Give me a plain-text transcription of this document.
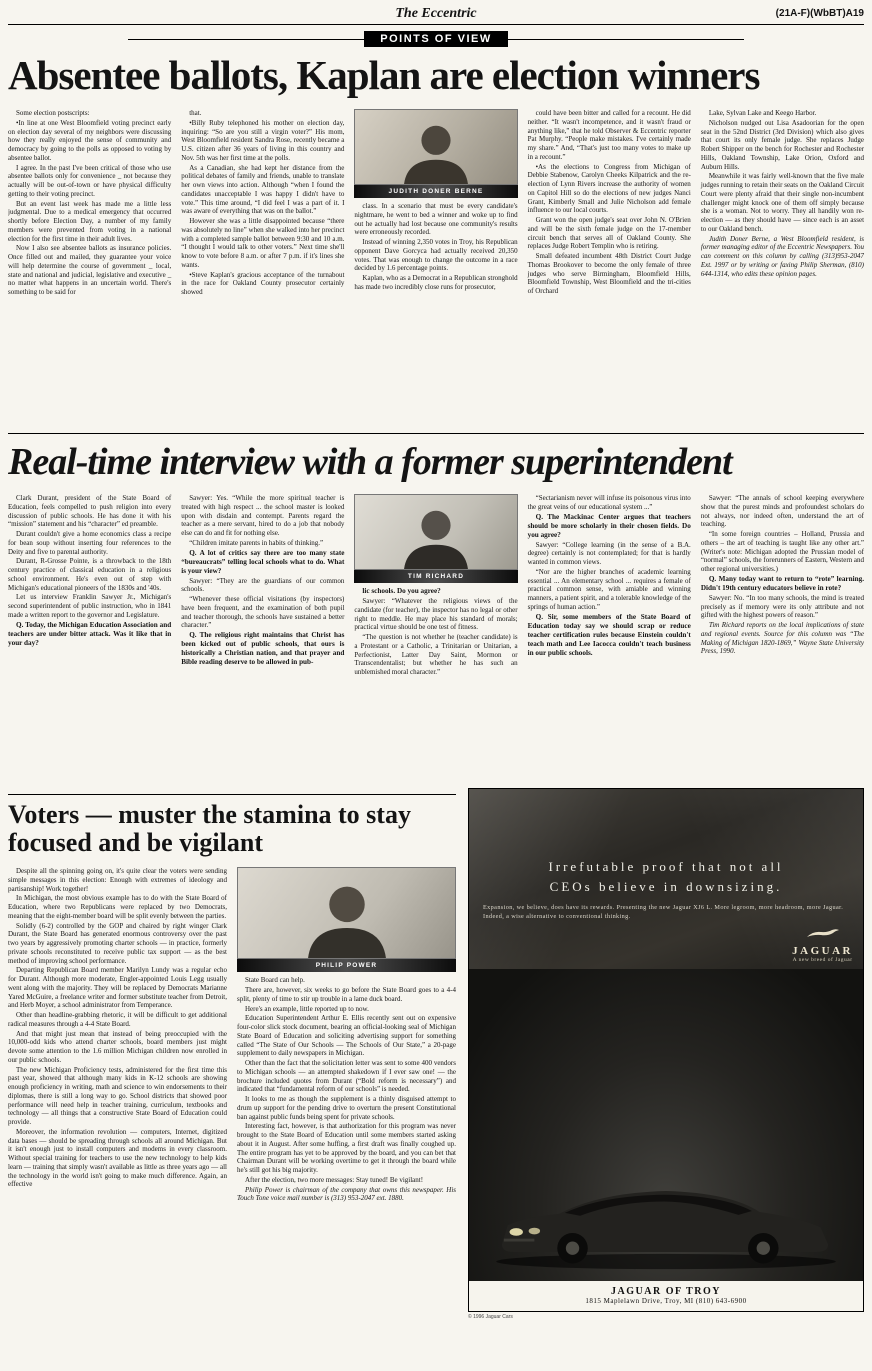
The Eccentric	(21A-F)(WbBT)A19
POINTS OF VIEW
Absentee ballots, Kaplan are election winners

Some election postscripts:

•In line at one West Bloomfield voting precinct early on election day several of my neighbors were discussing how they really enjoyed the sense of community and democracy by going to the polls as opposed to voting by absentee ballot.

I agree. In the past I've been critical of those who use absentee ballots only for convenience _ not because they actually will be out-of-town or have physical difficulty getting to their voting precinct.

But an event last week has made me a little less judgmental. Due to a medical emergency that occurred shortly before Election Day, a number of my family members were prevented from voting in a national election for the first time in their adult lives.

Now I also see absentee ballots as insurance policies. Once filled out and mailed, they guarantee your voice will help determine the course of government _ local, state and national and judicial, legislative and executive _ no matter what happens in an uncertain world. There's something to be said for

that.

•Billy Ruby telephoned his mother on election day, inquiring: “So are you still a virgin voter?” His mom, West Bloomfield resident Sandra Rose, recently became a U.S. citizen after 36 years of living in this country and Nov. 5th was her first time at the polls.

As a Canadian, she had kept her distance from the political debates of family and friends, unable to translate her own views into action. Although “when I found the candidates unacceptable I was happy I didn't have to vote.” This time around, “I did feel I was a part of it. I was aware of everything that was on the ballot.”

However she was a little disappointed because “there was absolutely no line” when she walked into her precinct with a completed sample ballot between 9:30 and 10 a.m. “I thought I would talk to other voters.” Next time she'll know to vote before 8 a.m. or after 7 p.m. if it's lines she wants.

•Steve Kaplan's gracious acceptance of the turnabout in the race for Oakland County prosecutor certainly showed

JUDITH DONER BERNE

class. In a scenario that must be every candidate's nightmare, he went to bed a winner and woke up to find out he actually had lost because one community's results were erroneously recorded.

Instead of winning 2,350 votes in Troy, his Republican opponent Dave Gorcyca had actually received 20,350 votes. That was enough to change the outcome in a race decided by 1.6 percentage points.

Kaplan, who as a Democrat in a Republican stronghold has made two incredibly close runs for prosecutor,

could have been bitter and called for a recount. He did neither. “It wasn't incompetence, and it wasn't fraud or anything like,” that he told Observer & Eccentric reporter Pat Murphy. “People make mistakes. I've certainly made my share.” And, “That's just too many votes to make up in a recount.”

•As the elections to Congress from Michigan of Debbie Stabenow, Carolyn Cheeks Kilpatrick and the re-election of Lynn Rivers increase the authority of women on Capitol Hill so do the elections of new judges Nanci Grant, Kimberly Small and Julie Nicholson add female influence to our local courts.

Grant won the open judge's seat over John N. O'Brien and will be the sixth female judge on the 17-member circuit bench that serves all of Oakland County. She replaces Judge Robert Templin who is retiring.

Small defeated incumbent 48th District Court Judge Thomas Brookover to become the only female of three judges who serve Birmingham, Bloomfield Hills, Bloomfield Township, West Bloomfield and the tri-cities of Orchard

Lake, Sylvan Lake and Keego Harbor.

Nicholson nudged out Lisa Asadoorian for the open seat in the 52nd District (3rd Division) which also gives that court its only female judge. She replaces Judge Robert Shipper on the bench for Rochester and Rochester Hills, Oakland Township, Lake Orion, Oxford and Auburn Hills.

Meanwhile it was fairly well-known that the five male judges running to retain their seats on the Oakland Circuit Court were plenty afraid that their single non-incumbent challenger might knock one of them off simply because she is a woman. Not to worry. They all handily won re-election — as they should have — since each is an asset to our Oakland bench.

Judith Doner Berne, a West Bloomfield resident, is former managing editor of the Eccentric Newspapers. You can comment on this column by calling (313)953-2047 Ext. 1997 or by writing or faxing Philip Sherman, (810) 644-1314, who edits these opinion pages.

Real-time interview with a former superintendent

Clark Durant, president of the State Board of Education, feels compelled to push religion into every discussion of public schools. He has done it with his “mission” statement and his “character” ed preamble.

Durant couldn't give a home economics class a recipe for bean soup without inserting four references to the Deity and five to parental authority.

Durant, R-Grosse Pointe, is a throwback to the 18th century practice of classical education in a religious school environment. He's even out of step with Michigan's educational pioneers of the 1830s and '40s.

Let us interview Franklin Sawyer Jr., Michigan's second superintendent of public instruction, who in 1841 made a written report to the governor and Legislature.

Q. Today, the Michigan Education Association and teachers are under bitter attack. Was it like that in your day?

Sawyer: Yes. “While the more spiritual teacher is treated with high respect ... the school master is looked upon with disdain and contempt. Parents regard the teacher as a mere servant, hired to do a job that nobody else can do and fit for nothing else.

“Children imitate parents in habits of thinking.”

Q. A lot of critics say there are too many state “bureaucrats” telling local schools what to do. What is your view?

Sawyer: “They are the guardians of our common schools.

“Whenever these official visitations (by inspectors) have been frequent, and the examination of both pupil and teacher thorough, the schools have sustained a better character.”

Q. The religious right maintains that Christ has been kicked out of public schools, that ours is historically a Christian nation, and that prayer and Bible reading deserve to be allowed in pub-

TIM RICHARD

lic schools. Do you agree?

Sawyer: “Whatever the religious views of the candidate (for teacher), the inspector has no legal or other right to meddle. He may place his standard of morals; practical virtue should be one test of fitness.

“The question is not whether he (teacher candidate) is a Protestant or a Catholic, a Trinitarian or Unitarian, a Perfectionist, Latter Day Saint, Mormon or Transcendentalist; but whether he has such an unblemished moral character.”

“Sectarianism never will infuse its poisonous virus into the great veins of our educational system ...”

Q. The Mackinac Center argues that teachers should be more scholarly in their chosen fields. Do you agree?

Sawyer: “College learning (in the sense of a B.A. degree) certainly is not contemplated; for that is hardly wanted in common views.

“Nor are the higher branches of academic learning essential ... An elementary school ... requires a female of practical common sense, with amiable and winning manners, a patient spirit, and a tolerable knowledge of the springs of human action.”

Q. Sir, some members of the State Board of Education today say we should scrap or reduce teacher certification rules because Einstein couldn't teach math and Lee Iacocca couldn't teach business in our public schools.

Sawyer: “The annals of school keeping everywhere show that the purest minds and profoundest scholars do not always, nor indeed often, understand the art of teaching.

“In some foreign countries – Holland, Prussia and others – the art of teaching is taught like any other art.” (Writer's note: Michigan adopted the Prussian model of “normal” schools, the forerunners of Eastern, Western and other regional universities.)

Q. Many today want to return to “rote” learning. Didn't 19th century educators believe in rote?

Sawyer: No. “In too many schools, the mind is treated precisely as if memory were its only attribute and not gifted with the highest powers of reason.”

Tim Richard reports on the local implications of state and regional events. Source for this column was “The Making of Michigan 1820-1869,” Wayne State University Press, 1990.

Voters — muster the stamina to stay focused and be vigilant

Despite all the spinning going on, it's quite clear the voters were sending simple messages in this election: Enough with extremes of ideology and partisanship! Work together!

In Michigan, the most obvious example has to do with the State Board of Education, where two Republicans were replaced by two Democrats, meaning that the eight-member board will be split evenly between the parties.

Solidly (6-2) controlled by the GOP and chaired by right winger Clark Durant, the State Board has generated enormous controversy over the past two years by aggressively promoting charter schools — in practice, formerly private schools reconstituted to receive public tax support — as the best method of improving school performance.

Departing Republican Board member Marilyn Lundy was a regular echo for Durant. Although more moderate, Engler-appointed Louis Legg usually went along with the majority. They will be replaced by Democrats Marianne Yared McGuire, a freelance writer and former substitute teacher from Detroit, and Herb Moyer, a school administrator from Temperance.

Other than headline-grabbing rhetoric, it will be difficult to get additional radical measures through a 4-4 State Board.

And that might just mean that instead of being preoccupied with the 10,000-odd kids who attend charter schools, board members just might devote some attention to the 1.6 million Michigan children now enrolled in our public schools.

The new Michigan Proficiency tests, administered for the first time this past year, showed that although many kids in K-12 schools are showing enough proficiency in writing, math and science to win endorsements to their diplomas, there is still a long way to go. School districts that showed poor performance will need help in teacher training, curriculum, textbooks and technology — all things that a constructive State Board of Education could provide.

Moreover, the information revolution — computers, Internet, digitized data bases — should be spreading through schools all around Michigan. But it isn't enough just to install computers and modems in every classroom. Without special training for teachers to use the new technology to help kids learn — training that simply wasn't available as little as three years ago — all the technology in the world isn't going to make much difference. Again, an effective

PHILIP POWER

State Board can help.

There are, however, six weeks to go before the State Board goes to a 4-4 split, plenty of time to stir up trouble in a lame duck board.

Here's an example, little reported up to now.

Education Superintendent Arthur E. Ellis recently sent out on expensive four-color slick stock document, bearing an official-looking seal of Michigan State Board of Education and soliciting advertising support for something called “The State of Our Schools — The Schools of Our State,” a 20-page supplement to daily newspapers in Michigan.

Other than the fact that the solicitation letter was sent to some 400 vendors to Michigan schools — an attempted shakedown if I ever saw one! — the brochure included quotes from Durant (“Bold reform is necessary”) and indicated that “fundamental reform of our schools” is needed.

It looks to me as though the supplement is a thinly disguised attempt to drum up support for the pending drive to overturn the present Constitutional ban against public funds being spent for private schools.

Interesting fact, however, is that authorization for this program was never brought to the State Board of Education until some members started asking about it in August. After some huffing, a first draft was finally coughed up. The entire program has yet to be approved by the board, and you can bet that Chairman Durant will be working overtime to get it through the board while he's still got his big majority.

After the election, two more messages: Stay tuned! Be vigilant!

Philip Power is chairman of the company that owns this newspaper. His Touch Tone voice mail number is (313) 953-2047 ext. 1880.

Irrefutable proof that not all
CEOs believe in downsizing.
Expansion, we believe, does have its rewards. Presenting the new Jaguar XJ6 L. More legroom, more headroom, more Jaguar. Indeed, a wise alternative to conventional thinking.
JAGUAR
A new breed of Jaguar
JAGUAR OF TROY
1815 Maplelawn Drive, Troy, MI (810) 643-6900
© 1996 Jaguar Cars
